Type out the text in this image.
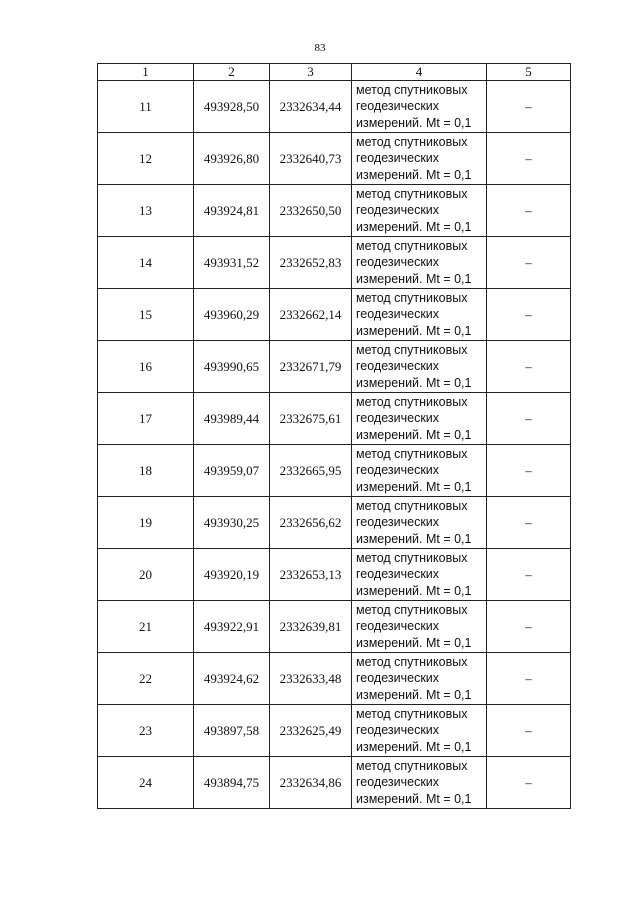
83
1	2	3	4	5
11	493928,50	2332634,44	метод спутниковых
геодезических
измерений. Mt = 0,1	–
12	493926,80	2332640,73	метод спутниковых
геодезических
измерений. Mt = 0,1	–
13	493924,81	2332650,50	метод спутниковых
геодезических
измерений. Mt = 0,1	–
14	493931,52	2332652,83	метод спутниковых
геодезических
измерений. Mt = 0,1	–
15	493960,29	2332662,14	метод спутниковых
геодезических
измерений. Mt = 0,1	–
16	493990,65	2332671,79	метод спутниковых
геодезических
измерений. Mt = 0,1	–
17	493989,44	2332675,61	метод спутниковых
геодезических
измерений. Mt = 0,1	–
18	493959,07	2332665,95	метод спутниковых
геодезических
измерений. Mt = 0,1	–
19	493930,25	2332656,62	метод спутниковых
геодезических
измерений. Mt = 0,1	–
20	493920,19	2332653,13	метод спутниковых
геодезических
измерений. Mt = 0,1	–
21	493922,91	2332639,81	метод спутниковых
геодезических
измерений. Mt = 0,1	–
22	493924,62	2332633,48	метод спутниковых
геодезических
измерений. Mt = 0,1	–
23	493897,58	2332625,49	метод спутниковых
геодезических
измерений. Mt = 0,1	–
24	493894,75	2332634,86	метод спутниковых
геодезических
измерений. Mt = 0,1	–
